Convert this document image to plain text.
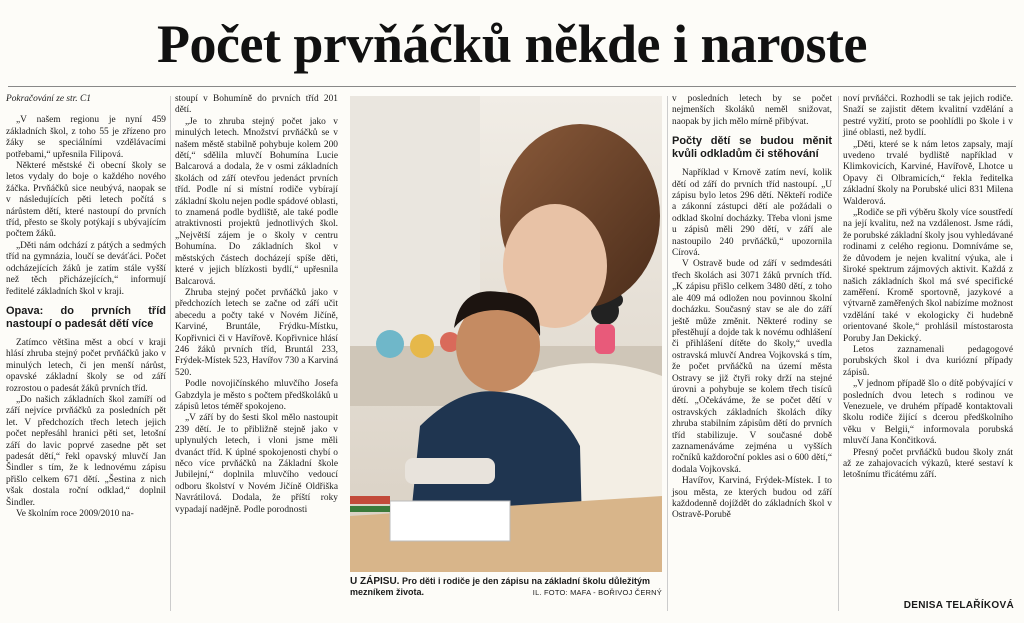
Počet prvňáčků někde i naroste

Pokračování ze str. C1

„V našem regionu je nyní 459 základních škol, z toho 55 je zřízeno pro žáky se speciálními vzdělávacími potřebami,“ upřesnila Filipová.

Některé městské či obecní školy se letos vydaly do boje o každého nového žáčka. Prvňáčků sice neubývá, naopak se v následujících pěti letech počítá s nárůstem dětí, které nastoupí do prvních tříd, přesto se školy potýkají s ubývajícím počtem žáků.

„Děti nám odchází z pátých a sedmých tříd na gymnázia, loučí se deváťáci. Počet odcházejících žáků je zatím stále vyšší než těch přicházejících,“ informují ředitelé základních škol v kraji.

Opava: do prvních tříd nastoupí o padesát dětí více

Zatímco většina měst a obcí v kraji hlásí zhruba stejný počet prvňáčků jako v minulých letech, či jen menší nárůst, opavské základní školy se od září rozrostou o padesát žáků prvních tříd.

„Do našich základních škol zamíří od září nejvíce prvňáčků za posledních pět let. V předchozích třech letech jejich počet nepřesáhl hranici pěti set, letošní září do lavic poprvé zasedne pět set padesát dětí,“ řekl opavský mluvčí Jan Šindler s tím, že k lednovému zápisu přišlo celkem 671 dětí. „Šestina z nich však dostala roční odklad,“ doplnil Šindler.

Ve školním roce 2009/2010 na-

stoupí v Bohumíně do prvních tříd 201 dětí.

„Je to zhruba stejný počet jako v minulých letech. Množství prvňáčků se v našem městě stabilně pohybuje kolem 200 dětí,“ sdělila mluvčí Bohumína Lucie Balcarová a dodala, že v osmi základních školách od září otevřou jedenáct prvních tříd. Podle ní si místní rodiče vybírají základní školu nejen podle spádové oblasti, to znamená podle bydliště, ale také podle atraktivnosti projektů jednotlivých škol. „Největší zájem je o školy v centru Bohumína. Do základních škol v městských částech docházejí spíše děti, které v jejich blízkosti bydlí,“ upřesnila Balcarová.

Zhruba stejný počet prvňáčků jako v předchozích letech se začne od září učit abecedu a počty také v Novém Jičíně, Karviné, Bruntále, Frýdku-Místku, Kopřivnici či v Havířově. Kopřivnice hlásí 246 žáků prvních tříd, Bruntál 233, Frýdek-Místek 523, Havířov 730 a Karviná 520.

Podle novojičínského mluvčího Josefa Gabzdyla je město s počtem předškoláků u zápisů letos téměř spokojeno.

„V září by do šesti škol mělo nastoupit 239 dětí. Je to přibližně stejně jako v uplynulých letech, i vloni jsme měli dvanáct tříd. K úplné spokojenosti chybí o něco více prvňáčků na Základní škole Jubilejní,“ doplnila mluvčího vedoucí odboru školství v Novém Jičíně Oldřiška Navrátilová. Dodala, že příští roky vypadají nadějně. Podle porodnosti

U ZÁPISU. Pro děti i rodiče je den zápisu na základní školu důležitým mezníkem života.	IL. FOTO: MAFA - BOŘIVOJ ČERNÝ

v posledních letech by se počet nejmenších školáků neměl snižovat, naopak by jich mělo mírně přibývat.

Počty dětí se budou měnit kvůli odkladům či stěhování

Například v Krnově zatím neví, kolik dětí od září do prvních tříd nastoupí. „U zápisu bylo letos 296 dětí. Někteří rodiče a zákonní zástupci dětí ale požádali o odklad školní docházky. Třeba vloni jsme u zápisů měli 290 dětí, v září ale nastoupilo 240 prvňáčků,“ upozornila Círová.

V Ostravě bude od září v sedmdesáti třech školách asi 3071 žáků prvních tříd. „K zápisu přišlo celkem 3480 dětí, z toho ale 409 má odložen nou povinnou školní docházku. Současný stav se ale do září ještě může změnit. Některé rodiny se přestěhují a dojde tak k novému odhlášení či přihlášení dítěte do školy,“ uvedla ostravská mluvčí Andrea Vojkovská s tím, že počet prvňáčků na území města Ostravy se již čtyři roky drží na stejné úrovni a pohybuje se kolem třech tisíců dětí. „Očekáváme, že se počet dětí v ostravských základních školách díky zhruba stabilním zápisům dětí do prvních tříd stabilizuje. V současné době zaznamenáváme zejména u vyšších ročníků každoroční pokles asi o 600 dětí,“ dodala Vojkovská.

Havířov, Karviná, Frýdek-Místek. I to jsou města, ze kterých budou od září každodenně dojíždět do základních škol v Ostravě-Porubě

noví prvňáčci. Rozhodli se tak jejich rodiče. Snaží se zajistit dětem kvalitní vzdělání a pestré vyžití, proto se poohlídli po škole i v jiné oblasti, než bydlí.

„Děti, které se k nám letos zapsaly, mají uvedeno trvalé bydliště například v Klimkovicích, Karviné, Havířově, Lhotce u Opavy či Olbramicích,“ řekla ředitelka základní školy na Porubské ulici 831 Milena Walderová.

„Rodiče se při výběru školy více soustředí na její kvalitu, než na vzdálenost. Jsme rádi, že porubské základní školy jsou vyhledávané rodinami z celého regionu. Domníváme se, že důvodem je nejen kvalitní výuka, ale i široké spektrum zájmových aktivit. Každá z našich základních škol má své specifické zaměření. Kromě sportovně, jazykové a výtvarně zaměřených škol nabízíme možnost vzdělání také v ekologicky či hudebně orientované škole,“ prohlásil místostarosta Poruby Jan Dekický.

Letos zaznamenali pedagogové porubských škol i dva kuriózní případy zápisů.

„V jednom případě šlo o dítě pobývající v posledních dvou letech s rodinou ve Venezuele, ve druhém případě kontaktovali školu rodiče žijící s dcerou předškolního věku v Belgii,“ informovala porubská mluvčí Jana Končitková.

Přesný počet prvňáčků budou školy znát až ze zahajovacích výkazů, které sestaví k letošnímu třicátému září.

DENISA TELAŘÍKOVÁ
